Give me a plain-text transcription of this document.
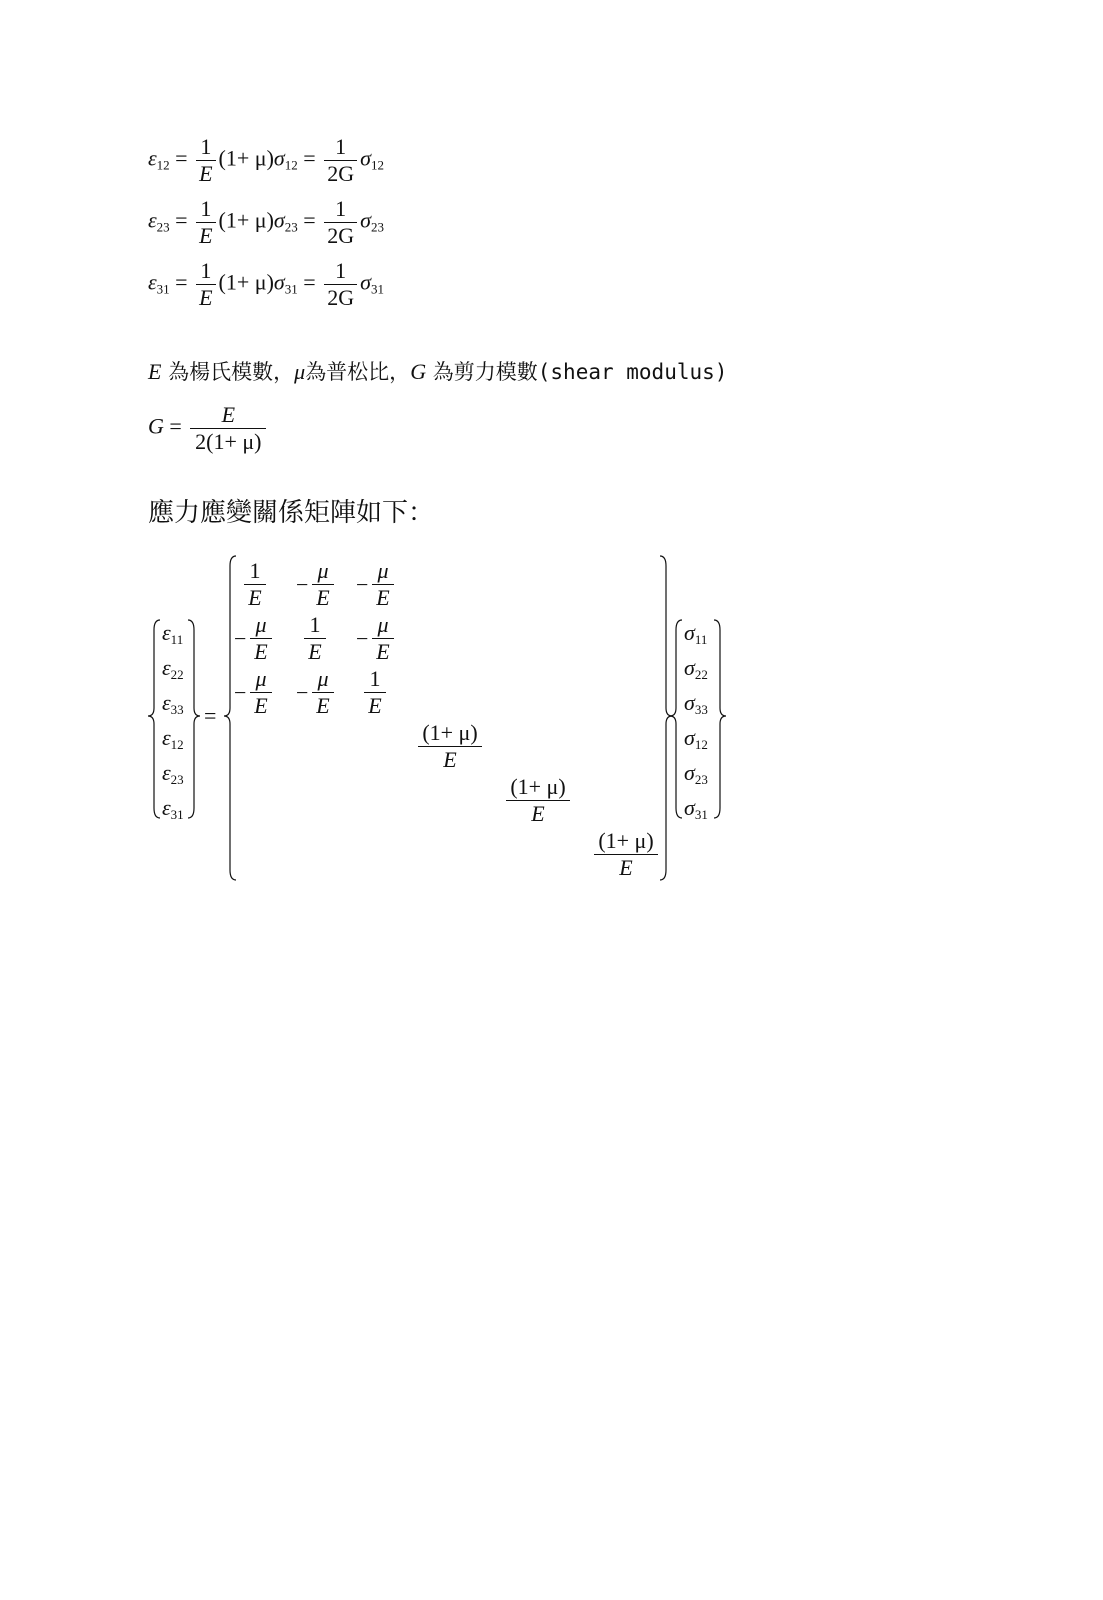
$\varepsilon_{12} = \frac{1}{E} (1+ \mu)\sigma_{12} = \frac{1}{2G} \sigma_{12}$
$\varepsilon_{23} = \frac{1}{E} (1+ \mu)\sigma_{23} = \frac{1}{2G} \sigma_{23}$
$\varepsilon_{31} = \frac{1}{E} (1+ \mu)\sigma_{31} = \frac{1}{2G} \sigma_{31}$
E 為楊氏模數，μ為普松比，G 為剪力模數(shear modulus)
$G = \frac{E}{2(1+ \mu)}$
應力應變關係矩陣如下：
$\varepsilon_{11}$
$\varepsilon_{22}$
$\varepsilon_{33}$
$\varepsilon_{12}$
$\varepsilon_{23}$
$\varepsilon_{31}$
=
$\frac{1}{E} - \frac{\mu}{E} - \frac{\mu}{E}$
− $\frac{\mu}{E} \frac{1}{E} - \frac{\mu}{E}$
− $\frac{\mu}{E} - \frac{\mu}{E} \frac{1}{E}$
$\frac{(1+ \mu)}{E}$
$\frac{(1+ \mu)}{E}$
$\frac{(1+ \mu)}{E}$
$\sigma_{11}$
$\sigma_{22}$
$\sigma_{33}$
$\sigma_{12}$
$\sigma_{23}$
$\sigma_{31}$
